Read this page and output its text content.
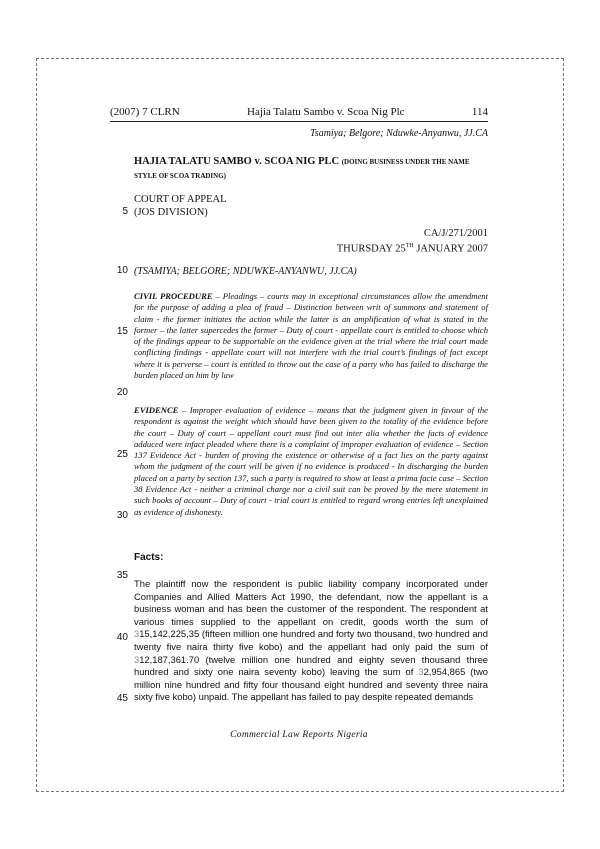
(2007) 7 CLRN	Hajia Talatu Sambo v. Scoa Nig Plc	114
Tsamiya; Belgore; Nduwke-Anyanwu, JJ.CA
HAJIA TALATU SAMBO v. SCOA NIG PLC (DOING BUSINESS UNDER THE NAME STYLE OF SCOA TRADING)
COURT OF APPEAL
(JOS DIVISION)
CA/J/271/2001
THURSDAY 25TH JANUARY 2007
(TSAMIYA; BELGORE; NDUWKE-ANYANWU, JJ.CA)

CIVIL PROCEDURE – Pleadings – courts may in exceptional circumstances allow the amendment for the purpose of adding a plea of fraud – Distinction between writ of summons and statement of claim - the former initiates the action while the latter is an amplification of what is stated in the former – the latter supercedes the former – Duty of court - appellate court is entitled to choose which of the findings appear to be supportable on the evidence given at the trial where the trial court made conflicting findings - appellate court will not interfere with the trial court’s findings of fact except where it is perverse – court is entitled to throw out the case of a party who has failed to discharge the burden placed on him by law

EVIDENCE – Improper evaluation of evidence – means that the judgment given in favour of the respondent is against the weight which should have been given to the totality of the evidence before the court – Duty of court – appellant court must find out inter alia whether the facts of evidence adduced were infact pleaded where there is a complaint of improper evaluation of evidence – Section 137 Evidence Act - burden of proving the existence or otherwise of a fact lies on the party against whom the judgment of the court will be given if no evidence is produced - In discharging the burden placed on a party by section 137, such a party is required to show at least a prima facie case – Section 38 Evidence Act - neither a criminal charge nor a civil suit can be proved by the mere statement in such books of account – Duty of court - trial court is entitled to regard wrong entries left unexplained as evidence of dishonesty.

Facts:

The plaintiff now the respondent is public liability company incorporated under Companies and Allied Matters Act 1990, the defendant, now the appellant is a business woman and has been the customer of the respondent. The respondent at various times supplied to the appellant on credit, goods worth the sum of 315,142,225,35 (fifteen million one hundred and forty two thousand, two hundred and twenty five naira thirty five kobo) and the appellant had only paid the sum of 312,187,361.70 (twelve million one hundred and eighty seven thousand three hundred and sixty one naira seventy kobo) leaving the sum of 32,954,865 (two million nine hundred and fifty four thousand eight hundred and seventy three naira sixty five kobo) unpaid. The appellant has failed to pay despite repeated demands

5
10
15
20
25
30
35
40
45
Commercial Law Reports Nigeria
